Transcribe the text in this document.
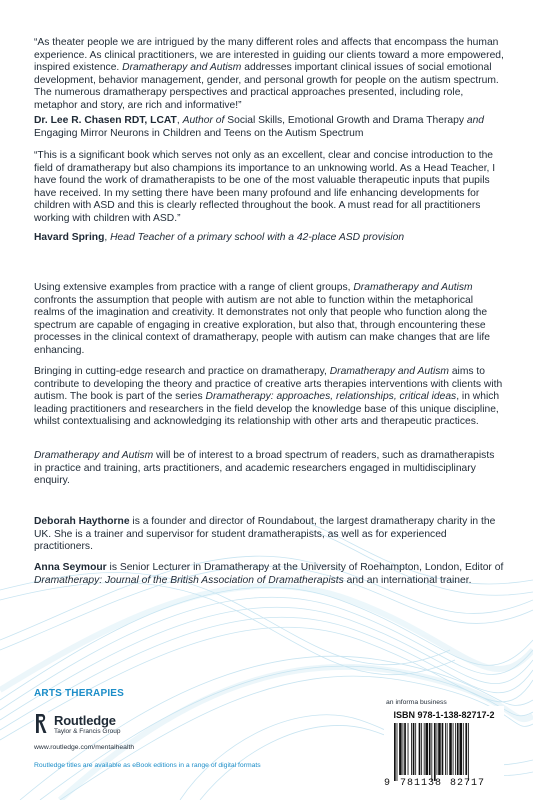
“As theater people we are intrigued by the many different roles and affects that encompass the human experience. As clinical practitioners, we are interested in guiding our clients toward a more empowered, inspired existence. Dramatherapy and Autism addresses important clinical issues of social emotional development, behavior management, gender, and personal growth for people on the autism spectrum. The numerous dramatherapy perspectives and practical approaches presented, including role, metaphor and story, are rich and informative!”

Dr. Lee R. Chasen RDT, LCAT, Author of Social Skills, Emotional Growth and Drama Therapy and Engaging Mirror Neurons in Children and Teens on the Autism Spectrum

“This is a significant book which serves not only as an excellent, clear and concise introduction to the field of dramatherapy but also champions its importance to an unknowing world. As a Head Teacher, I have found the work of dramatherapists to be one of the most valuable therapeutic inputs that pupils have received. In my setting there have been many profound and life enhancing developments for children with ASD and this is clearly reflected throughout the book. A must read for all practitioners working with children with ASD.”

Havard Spring, Head Teacher of a primary school with a 42-place ASD provision

Using extensive examples from practice with a range of client groups, Dramatherapy and Autism confronts the assumption that people with autism are not able to function within the metaphorical realms of the imagination and creativity. It demonstrates not only that people who function along the spectrum are capable of engaging in creative exploration, but also that, through encountering these processes in the clinical context of dramatherapy, people with autism can make changes that are life enhancing.

Bringing in cutting-edge research and practice on dramatherapy, Dramatherapy and Autism aims to contribute to developing the theory and practice of creative arts therapies interventions with clients with autism. The book is part of the series Dramatherapy: approaches, relationships, critical ideas, in which leading practitioners and researchers in the field develop the knowledge base of this unique discipline, whilst contextualising and acknowledging its relationship with other arts and therapeutic practices.

Dramatherapy and Autism will be of interest to a broad spectrum of readers, such as dramatherapists in practice and training, arts practitioners, and academic researchers engaged in multidisciplinary enquiry.

Deborah Haythorne is a founder and director of Roundabout, the largest dramatherapy charity in the UK. She is a trainer and supervisor for student dramatherapists, as well as for experienced practitioners.

Anna Seymour is Senior Lecturer in Dramatherapy at the University of Roehampton, London, Editor of Dramatherapy: Journal of the British Association of Dramatherapists and an international trainer.

ARTS THERAPIES
Routledge
Taylor & Francis Group
www.routledge.com/mentalhealth
Routledge titles are available as eBook editions in a range of digital formats
an informa business
ISBN 978-1-138-82717-2
9 781138 82717
